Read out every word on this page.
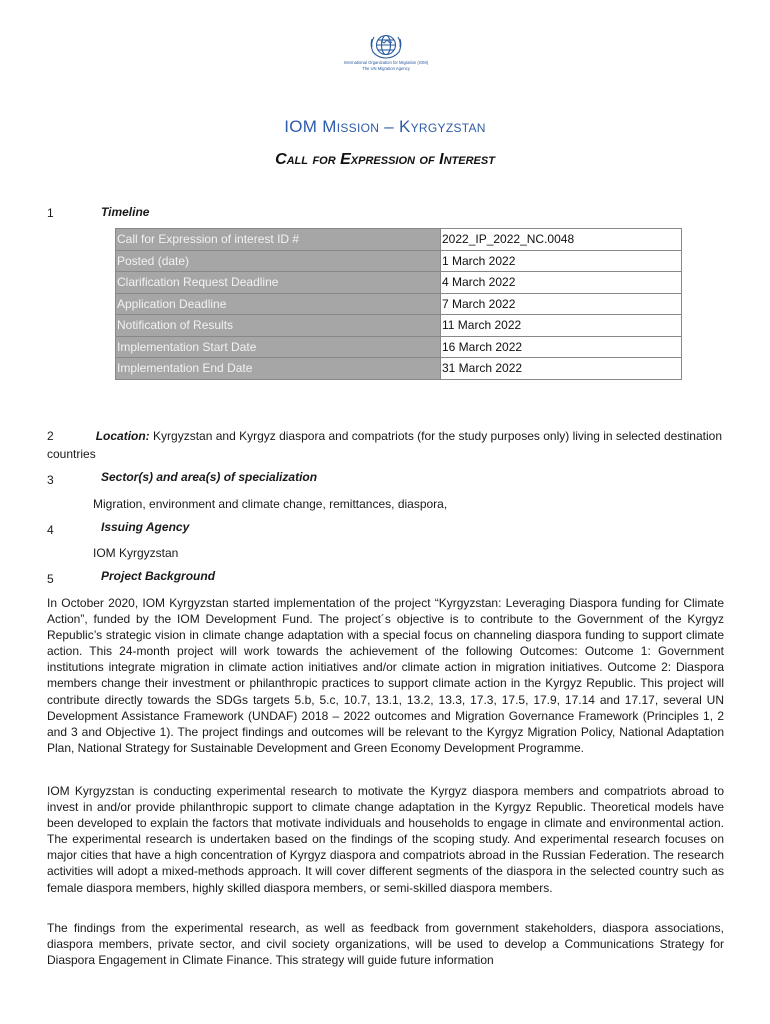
International Organization for Migration (IOM)
The UN Migration Agency
IOM Mission – Kyrgyzstan
Call for Expression of Interest
1	Timeline
Call for Expression of interest ID #	2022_IP_2022_NC.0048
Posted (date)	1 March 2022
Clarification Request Deadline	4 March 2022
Application Deadline	7 March 2022
Notification of Results	11 March 2022
Implementation Start Date	16 March 2022
Implementation End Date	31 March 2022
2	Location: Kyrgyzstan and Kyrgyz diaspora and compatriots (for the study purposes only) living in selected destination countries
3	Sector(s) and area(s) of specialization
Migration, environment and climate change, remittances, diaspora,
4	Issuing Agency
IOM Kyrgyzstan
5	Project Background

In October 2020, IOM Kyrgyzstan started implementation of the project “Kyrgyzstan: Leveraging Diaspora funding for Climate Action”, funded by the IOM Development Fund. The project´s objective is to contribute to the Government of the Kyrgyz Republic’s strategic vision in climate change adaptation with a special focus on channeling diaspora funding to support climate action. This 24-month project will work towards the achievement of the following Outcomes: Outcome 1: Government institutions integrate migration in climate action initiatives and/or climate action in migration initiatives. Outcome 2: Diaspora members change their investment or philanthropic practices to support climate action in the Kyrgyz Republic. This project will contribute directly towards the SDGs targets 5.b, 5.c, 10.7, 13.1, 13.2, 13.3, 17.3, 17.5, 17.9, 17.14 and 17.17, several UN Development Assistance Framework (UNDAF) 2018 – 2022 outcomes and Migration Governance Framework (Principles 1, 2 and 3 and Objective 1). The project findings and outcomes will be relevant to the Kyrgyz Migration Policy, National Adaptation Plan, National Strategy for Sustainable Development and Green Economy Development Programme.

IOM Kyrgyzstan is conducting experimental research to motivate the Kyrgyz diaspora members and compatriots abroad to invest in and/or provide philanthropic support to climate change adaptation in the Kyrgyz Republic. Theoretical models have been developed to explain the factors that motivate individuals and households to engage in climate and environmental action. The experimental research is undertaken based on the findings of the scoping study. And experimental research focuses on major cities that have a high concentration of Kyrgyz diaspora and compatriots abroad in the Russian Federation. The research activities will adopt a mixed-methods approach. It will cover different segments of the diaspora in the selected country such as female diaspora members, highly skilled diaspora members, or semi-skilled diaspora members.

The findings from the experimental research, as well as feedback from government stakeholders, diaspora associations, diaspora members, private sector, and civil society organizations, will be used to develop a Communications Strategy for Diaspora Engagement in Climate Finance. This strategy will guide future information
